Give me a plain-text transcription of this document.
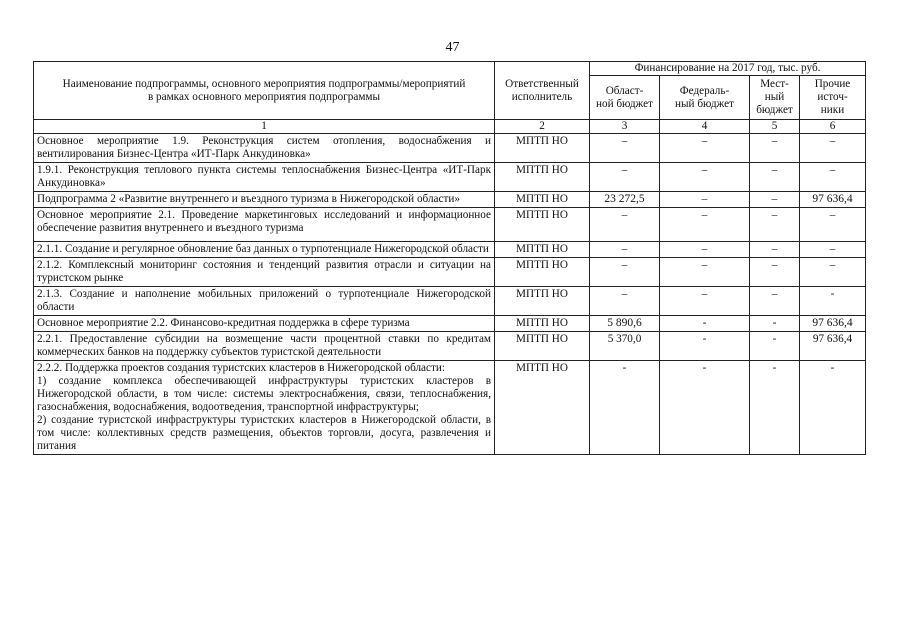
47
Наименование подпрограммы, основного мероприятия подпрограммы/мероприятий в рамках основного мероприятия подпрограммы	Ответственный исполнитель	Финансирование на 2017 год, тыс. руб.			
		Област- ной бюджет	Федераль- ный бюджет	Мест- ный бюджет	Прочие источ- ники
1	2	3	4	5	6
Основное мероприятие 1.9. Реконструкция систем отопления, водоснабжения и вентилирования Бизнес-Центра «ИТ-Парк Анкудиновка»	МПТП НО	–	–	–	–
1.9.1. Реконструкция теплового пункта системы теплоснабжения Бизнес-Центра «ИТ-Парк Анкудиновка»	МПТП НО	–	–	–	–
Подпрограмма 2 «Развитие внутреннего и въездного туризма в Нижегородской области»	МПТП НО	23 272,5	–	–	97 636,4
Основное мероприятие 2.1. Проведение маркетинговых исследований и информационное обеспечение развития внутреннего и въездного туризма	МПТП НО	–	–	–	–
2.1.1. Создание и регулярное обновление баз данных о турпотенциале Нижегородской области	МПТП НО	–	–	–	–
2.1.2. Комплексный мониторинг состояния и тенденций развития отрасли и ситуации на туристском рынке	МПТП НО	–	–	–	–
2.1.3. Создание и наполнение мобильных приложений о турпотенциале Нижегородской области	МПТП НО	–	–	–	-
Основное мероприятие 2.2. Финансово-кредитная поддержка в сфере туризма	МПТП НО	5 890,6	-	-	97 636,4
2.2.1. Предоставление субсидии на возмещение части процентной ставки по кредитам коммерческих банков на поддержку субъектов туристской деятельности	МПТП НО	5 370,0	-	-	97 636,4

2.2.2. Поддержка проектов создания туристских кластеров в Нижегородской области:
1) создание комплекса обеспечивающей инфраструктуры туристских кластеров в Нижегородской области, в том числе: системы электроснабжения, связи, теплоснабжения, газоснабжения, водоснабжения, водоотведения, транспортной инфраструктуры;
2) создание туристской инфраструктуры туристских кластеров в Нижегородской области, в том числе: коллективных средств размещения, объектов торговли, досуга, развлечения и питания	МПТП НО	-	-	-	-
